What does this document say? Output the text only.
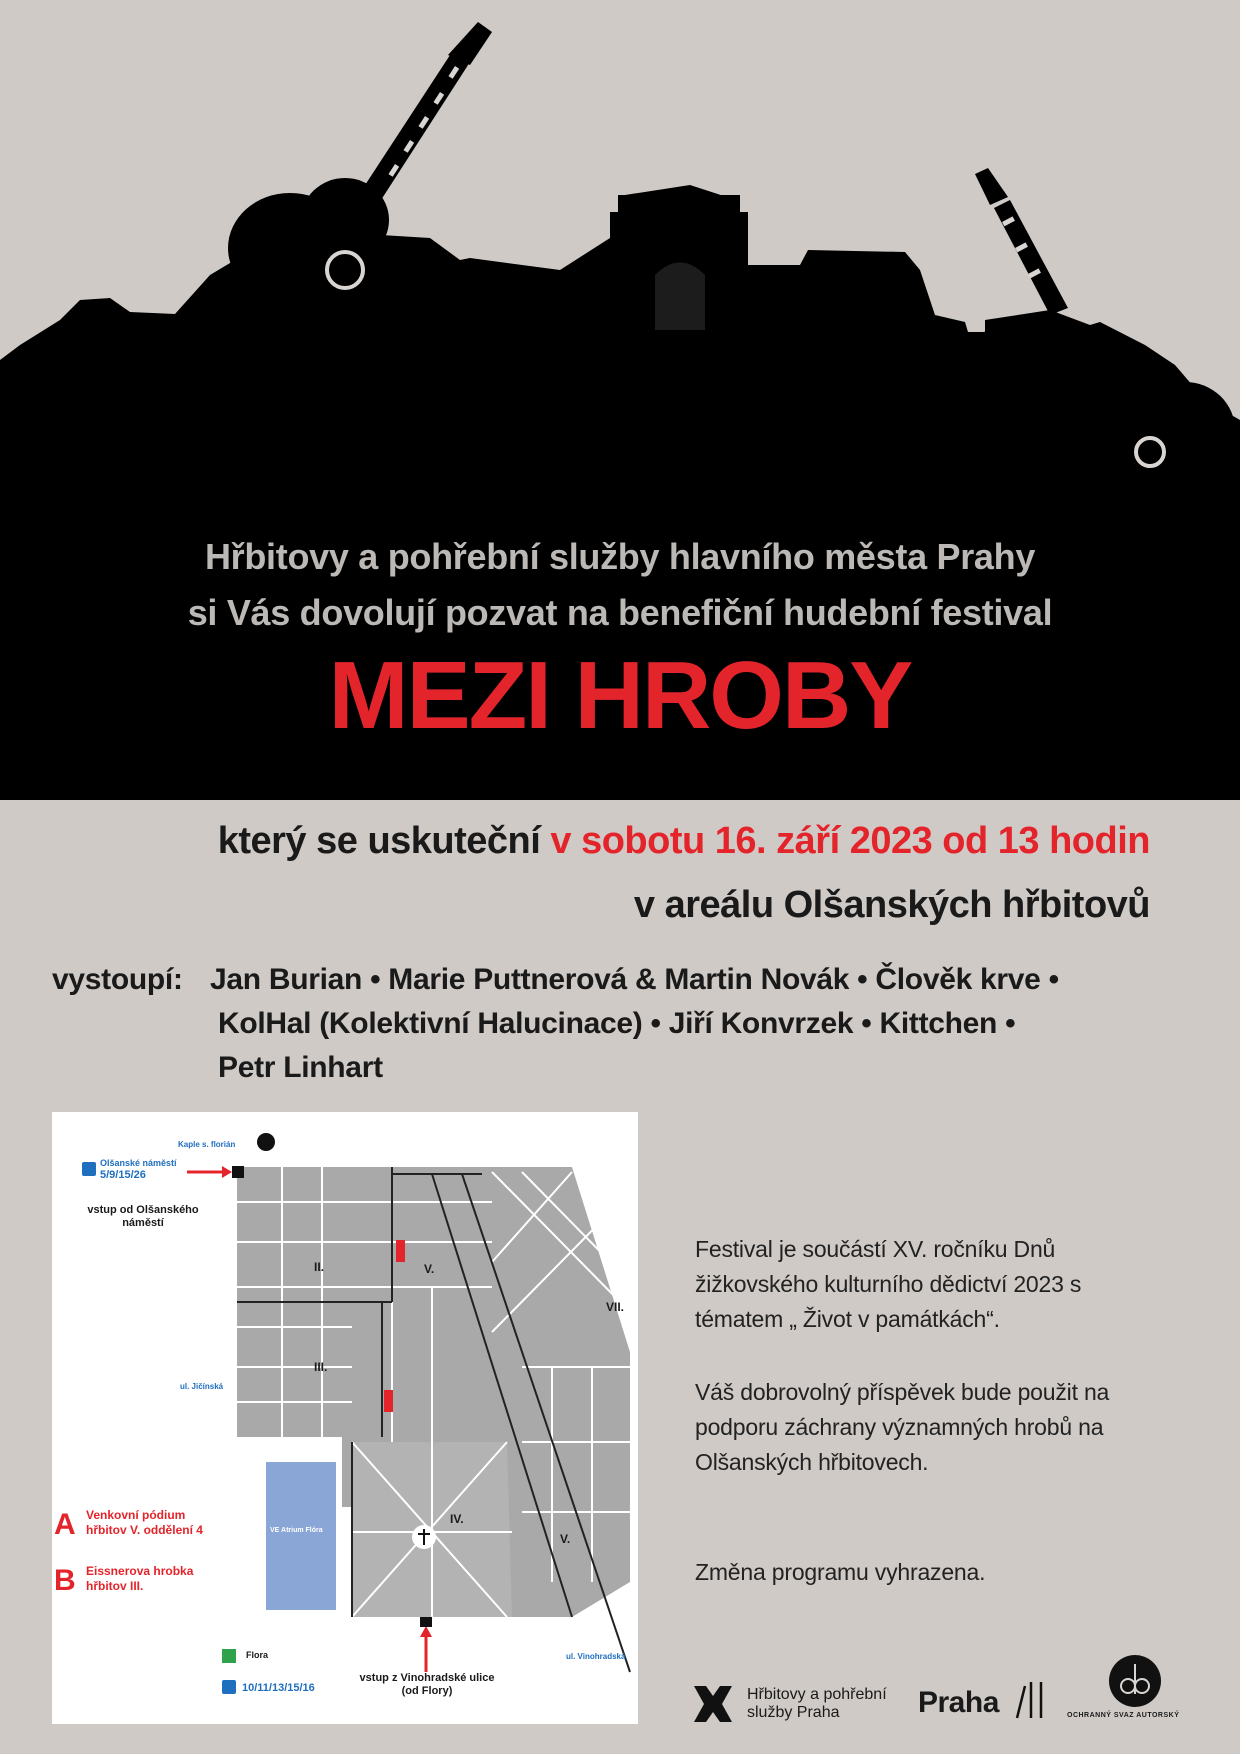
Hřbitovy a pohřební služby hlavního města Prahy
si Vás dovolují pozvat na benefiční hudební festival
MEZI HROBY
který se uskuteční v sobotu 16. září 2023 od 13 hodin
v areálu Olšanských hřbitovů
vystoupí: Jan Burian • Marie Puttnerová & Martin Novák • Člověk krve •
KolHal (Kolektivní Halucinace) • Jiří Konvrzek • Kittchen •
Petr Linhart
Kaple s. florián
Olšanské náměstí
5/9/15/26
vstup od Olšanského náměstí
ul. Jičínská
VE Atrium Flóra
ul. Vinohradská
II.
III.
IV.
V.
V.
VII.
A Venkovní pódium hřbitov V. oddělení 4
B Eissnerova hrobka hřbitov III.
Flora
10/11/13/15/16
vstup z Vinohradské ulice (od Flory)
Festival je součástí XV. ročníku Dnů žižkovského kulturního dědictví 2023 s tématem „ Život v památkách“.
Váš dobrovolný příspěvek bude použit na podporu záchrany významných hrobů na Olšanských hřbitovech.
Změna programu vyhrazena.
Hřbitovy a pohřební služby Praha	Praha	OCHRANNÝ SVAZ AUTORSKÝ
